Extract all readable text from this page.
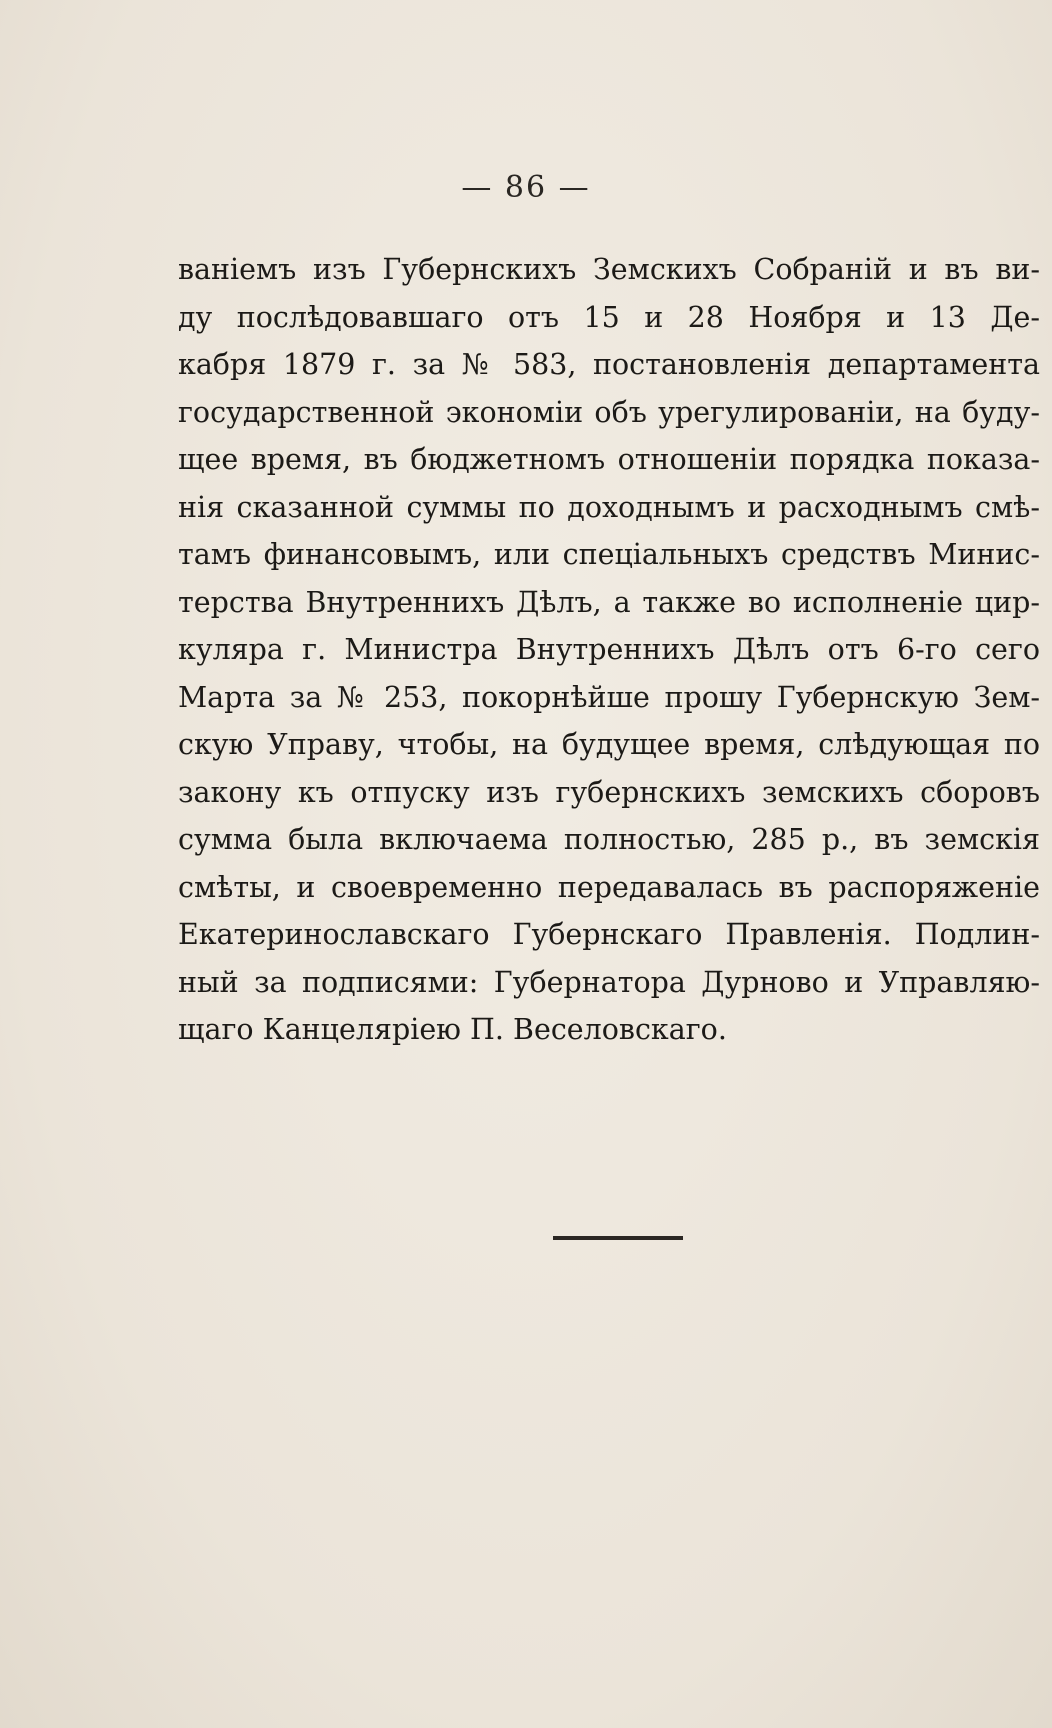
— 86 —
ваніемъ изъ Губернскихъ Земскихъ Собраній и въ ви-
ду послѣдовавшаго отъ 15 и 28 Ноября и 13 Де-
кабря 1879 г. за № 583, постановленія департамента
государственной экономіи объ урегулированіи, на буду-
щее время, въ бюджетномъ отношеніи порядка показа-
нія сказанной суммы по доходнымъ и расходнымъ смѣ-
тамъ финансовымъ, или спеціальныхъ средствъ Минис-
терства Внутреннихъ Дѣлъ, а также во исполненіе цир-
куляра г. Министра Внутреннихъ Дѣлъ отъ 6-го сего
Марта за № 253, покорнѣйше прошу Губернскую Зем-
скую Управу, чтобы, на будущее время, слѣдующая по
закону къ отпуску изъ губернскихъ земскихъ сборовъ
сумма была включаема полностью, 285 р., въ земскія
смѣты, и своевременно передавалась въ распоряженіе
Екатеринославскаго Губернскаго Правленія. Подлин-
ный за подписями: Губернатора Дурново и Управляю-
щаго Канцеляріею П. Веселовскаго.
